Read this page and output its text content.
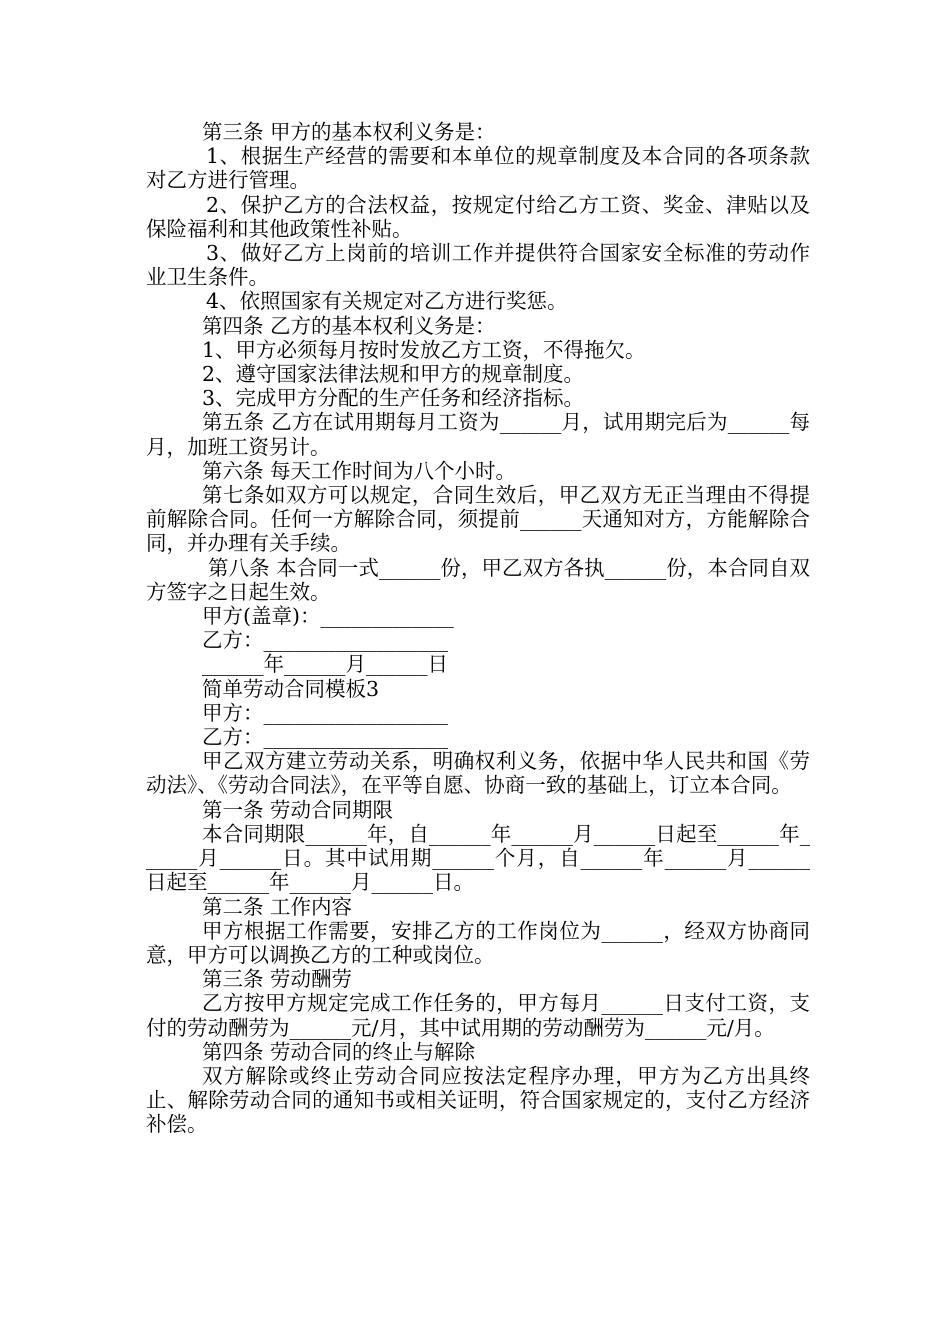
第三条 甲方的基本权利义务是：

1、根据生产经营的需要和本单位的规章制度及本合同的各项条款对乙方进行管理。

2、保护乙方的合法权益，按规定付给乙方工资、奖金、津贴以及保险福利和其他政策性补贴。

3、做好乙方上岗前的培训工作并提供符合国家安全标准的劳动作业卫生条件。

4、依照国家有关规定对乙方进行奖惩。

第四条 乙方的基本权利义务是：

1、甲方必须每月按时发放乙方工资，不得拖欠。

2、遵守国家法律法规和甲方的规章制度。

3、完成甲方分配的生产任务和经济指标。

第五条 乙方在试用期每月工资为______月，试用期完后为______每月，加班工资另计。

第六条 每天工作时间为八个小时。

第七条如双方可以规定，合同生效后，甲乙双方无正当理由不得提前解除合同。任何一方解除合同，须提前______天通知对方，方能解除合同，并办理有关手续。

第八条 本合同一式______份，甲乙双方各执______份，本合同自双方签字之日起生效。

甲方(盖章)：_____________

乙方：__________________

______年______月______日

简单劳动合同模板3

甲方：__________________

乙方：__________________

甲乙双方建立劳动关系，明确权利义务，依据中华人民共和国《劳动法》、《劳动合同法》，在平等自愿、协商一致的基础上，订立本合同。

第一条 劳动合同期限

本合同期限______年，自______年______月______日起至______年______月______日。其中试用期______个月，自______年______月______日起至______年______月______日。

第二条 工作内容

甲方根据工作需要，安排乙方的工作岗位为______，经双方协商同意，甲方可以调换乙方的工种或岗位。

第三条 劳动酬劳

乙方按甲方规定完成工作任务的，甲方每月______日支付工资，支付的劳动酬劳为______元/月，其中试用期的劳动酬劳为______元/月。

第四条 劳动合同的终止与解除

双方解除或终止劳动合同应按法定程序办理，甲方为乙方出具终止、解除劳动合同的通知书或相关证明，符合国家规定的，支付乙方经济补偿。
